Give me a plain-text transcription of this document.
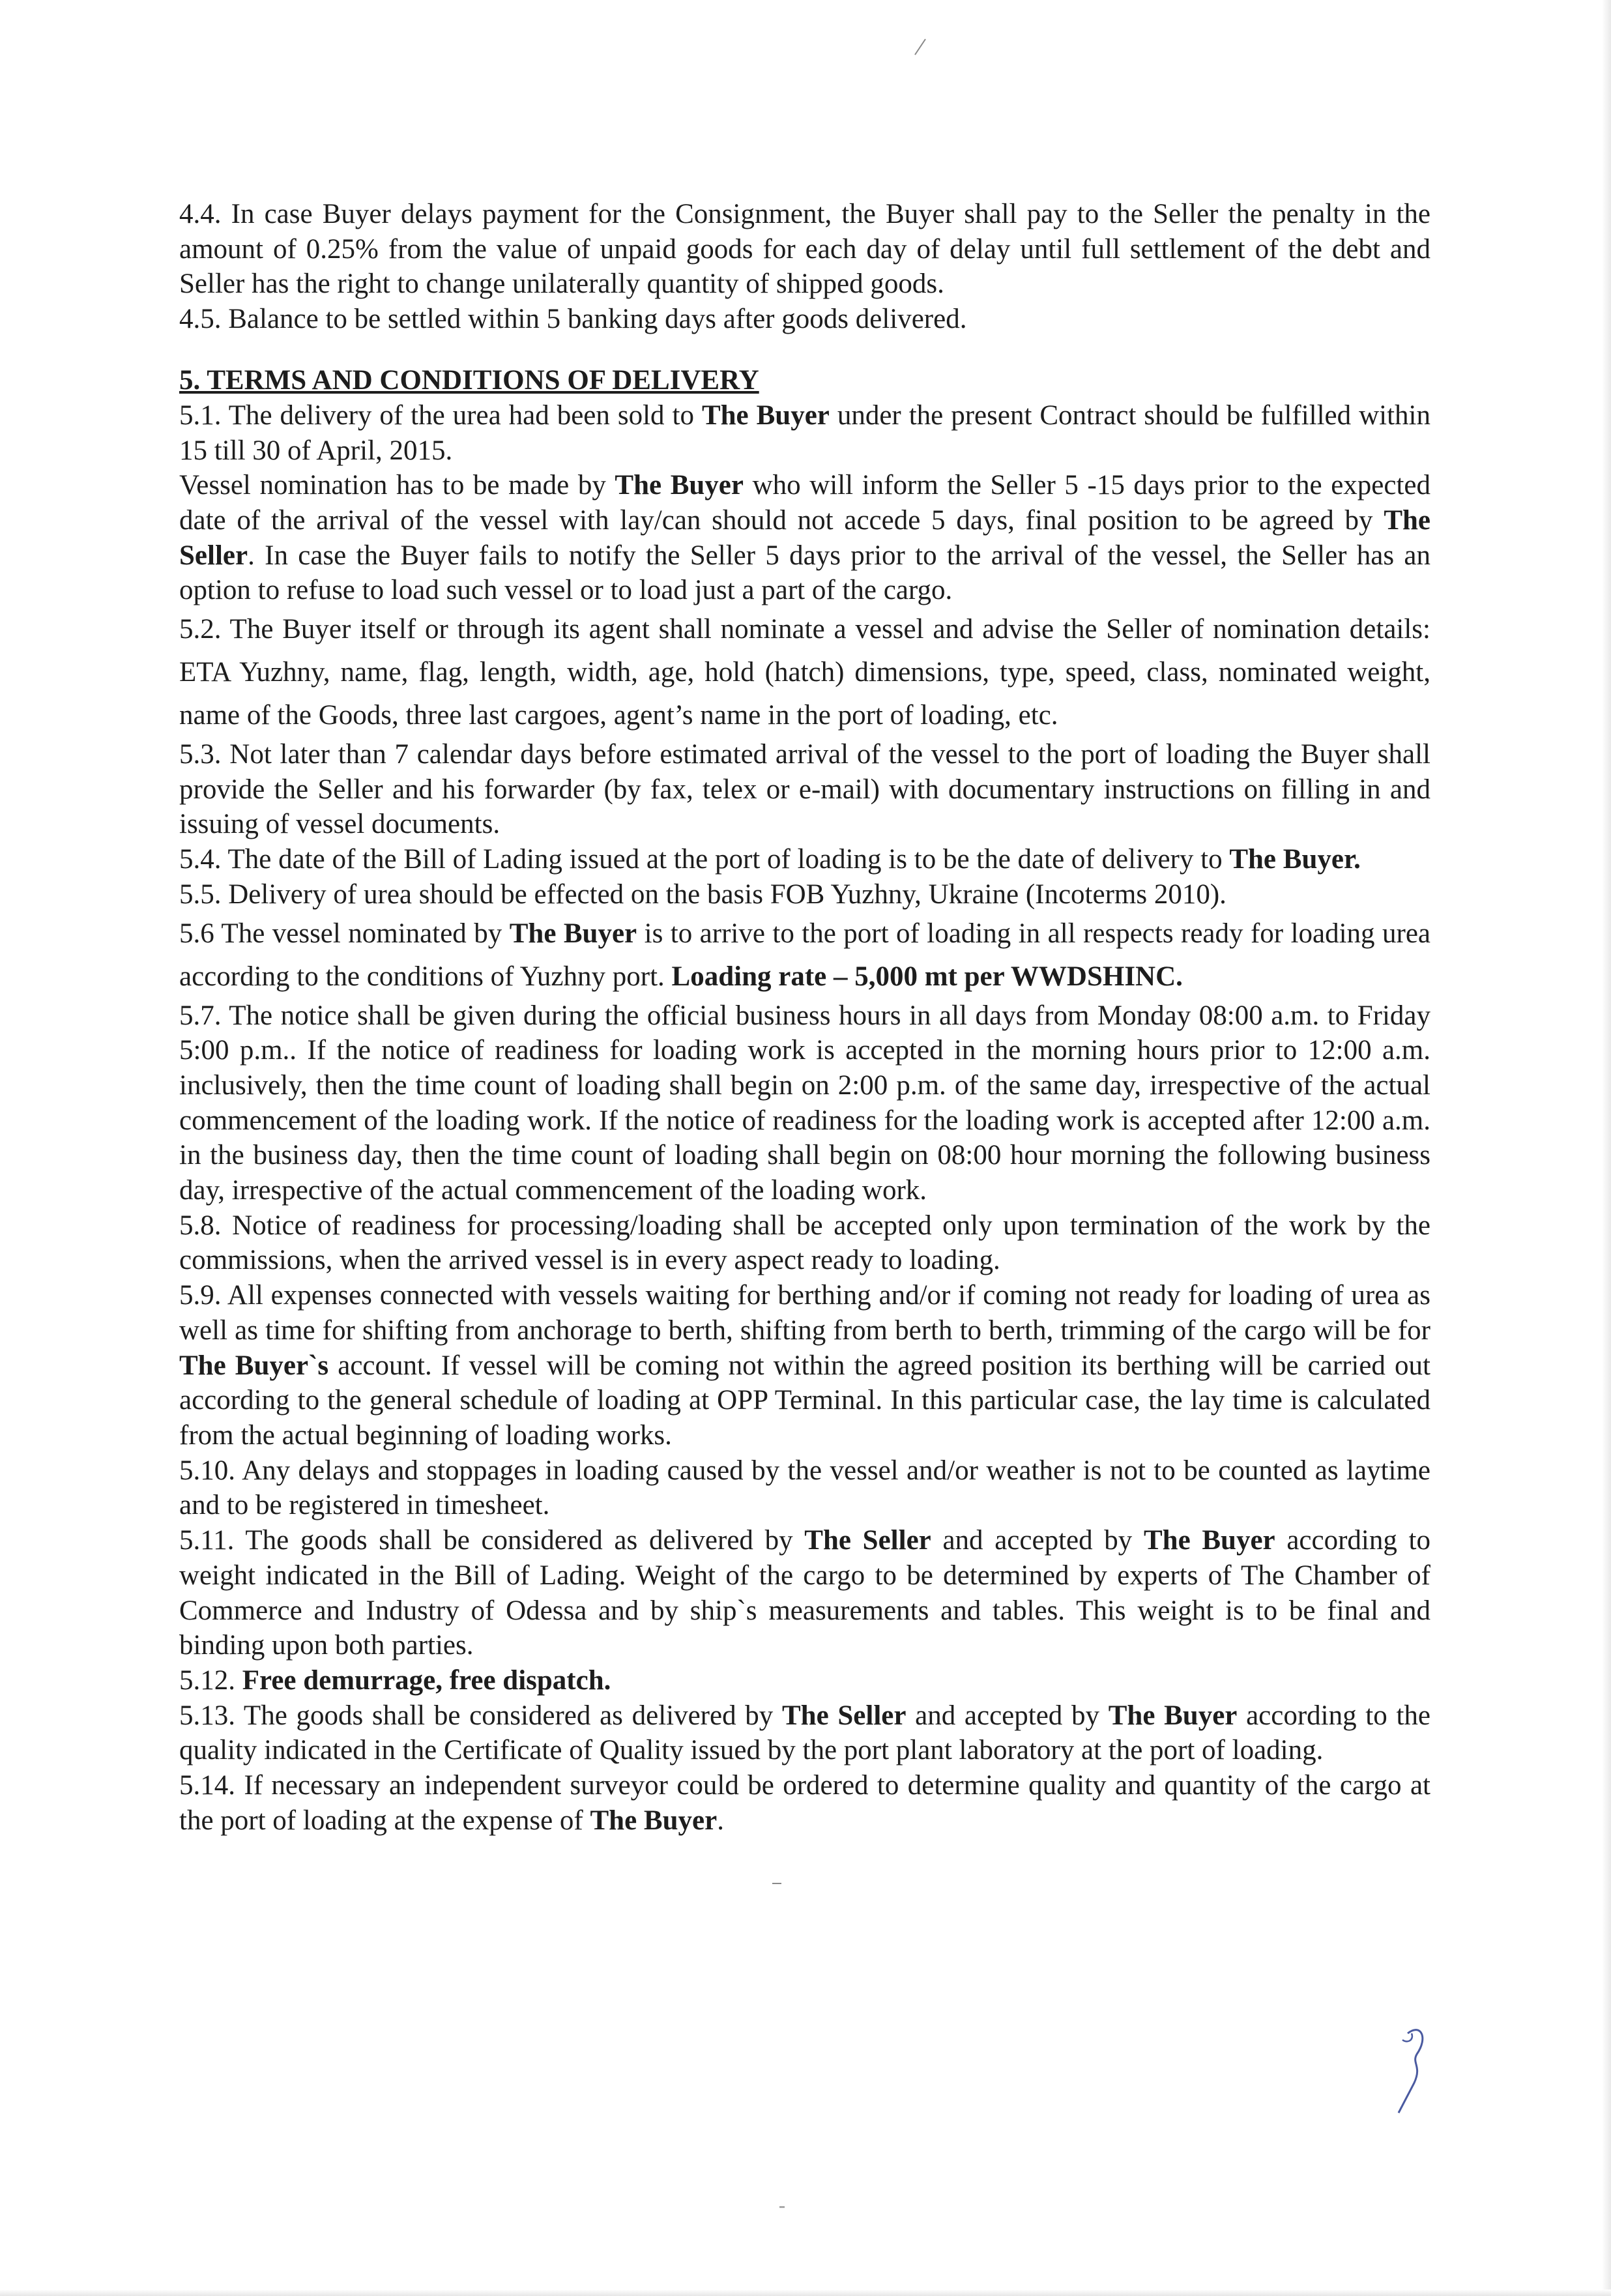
4.4. In case Buyer delays payment for the Consignment, the Buyer shall pay to the Seller the penalty in the amount of 0.25% from the value of unpaid goods for each day of delay until full settlement of the debt and Seller has the right to change unilaterally quantity of shipped goods.

4.5. Balance to be settled within 5 banking days after goods delivered.

5. TERMS AND CONDITIONS OF DELIVERY

5.1. The delivery of the urea had been sold to The Buyer under the present Contract should be fulfilled within 15 till 30 of April, 2015.

Vessel nomination has to be made by The Buyer who will inform the Seller 5 -15 days prior to the expected date of the arrival of the vessel with lay/can should not accede 5 days, final position to be agreed by The Seller. In case the Buyer fails to notify the Seller 5 days prior to the arrival of the vessel, the Seller has an option to refuse to load such vessel or to load just a part of the cargo.

5.2. The Buyer itself or through its agent shall nominate a vessel and advise the Seller of nomination details: ETA Yuzhny, name, flag, length, width, age, hold (hatch) dimensions, type, speed, class, nominated weight, name of the Goods, three last cargoes, agent’s name in the port of loading, etc.

5.3. Not later than 7 calendar days before estimated arrival of the vessel to the port of loading the Buyer shall provide the Seller and his forwarder (by fax, telex or e-mail) with documentary instructions on filling in and issuing of vessel documents.

5.4. The date of the Bill of Lading issued at the port of loading is to be the date of delivery to The Buyer.

5.5. Delivery of urea should be effected on the basis FOB Yuzhny, Ukraine (Incoterms 2010).

5.6 The vessel nominated by The Buyer is to arrive to the port of loading in all respects ready for loading urea according to the conditions of Yuzhny port. Loading rate – 5,000 mt per WWDSHINC.

5.7. The notice shall be given during the official business hours in all days from Monday 08:00 a.m. to Friday 5:00 p.m.. If the notice of readiness for loading work is accepted in the morning hours prior to 12:00 a.m. inclusively, then the time count of loading shall begin on 2:00 p.m. of the same day, irrespective of the actual commencement of the loading work. If the notice of readiness for the loading work is accepted after 12:00 a.m. in the business day, then the time count of loading shall begin on 08:00 hour morning the following business day, irrespective of the actual commencement of the loading work.

5.8. Notice of readiness for processing/loading shall be accepted only upon termination of the work by the commissions, when the arrived vessel is in every aspect ready to loading.

5.9. All expenses connected with vessels waiting for berthing and/or if coming not ready for loading of urea as well as time for shifting from anchorage to berth, shifting from berth to berth, trimming of the cargo will be for The Buyer`s account. If vessel will be coming not within the agreed position its berthing will be carried out according to the general schedule of loading at OPP Terminal. In this particular case, the lay time is calculated from the actual beginning of loading works.

5.10. Any delays and stoppages in loading caused by the vessel and/or weather is not to be counted as laytime and to be registered in timesheet.

5.11. The goods shall be considered as delivered by The Seller and accepted by The Buyer according to weight indicated in the Bill of Lading. Weight of the cargo to be determined by experts of The Chamber of Commerce and Industry of Odessa and by ship`s measurements and tables. This weight is to be final and binding upon both parties.

5.12. Free demurrage, free dispatch.

5.13. The goods shall be considered as delivered by The Seller and accepted by The Buyer according to the quality indicated in the Certificate of Quality issued by the port plant laboratory at the port of loading.

5.14. If necessary an independent surveyor could be ordered to determine quality and quantity of the cargo at the port of loading at the expense of The Buyer.
